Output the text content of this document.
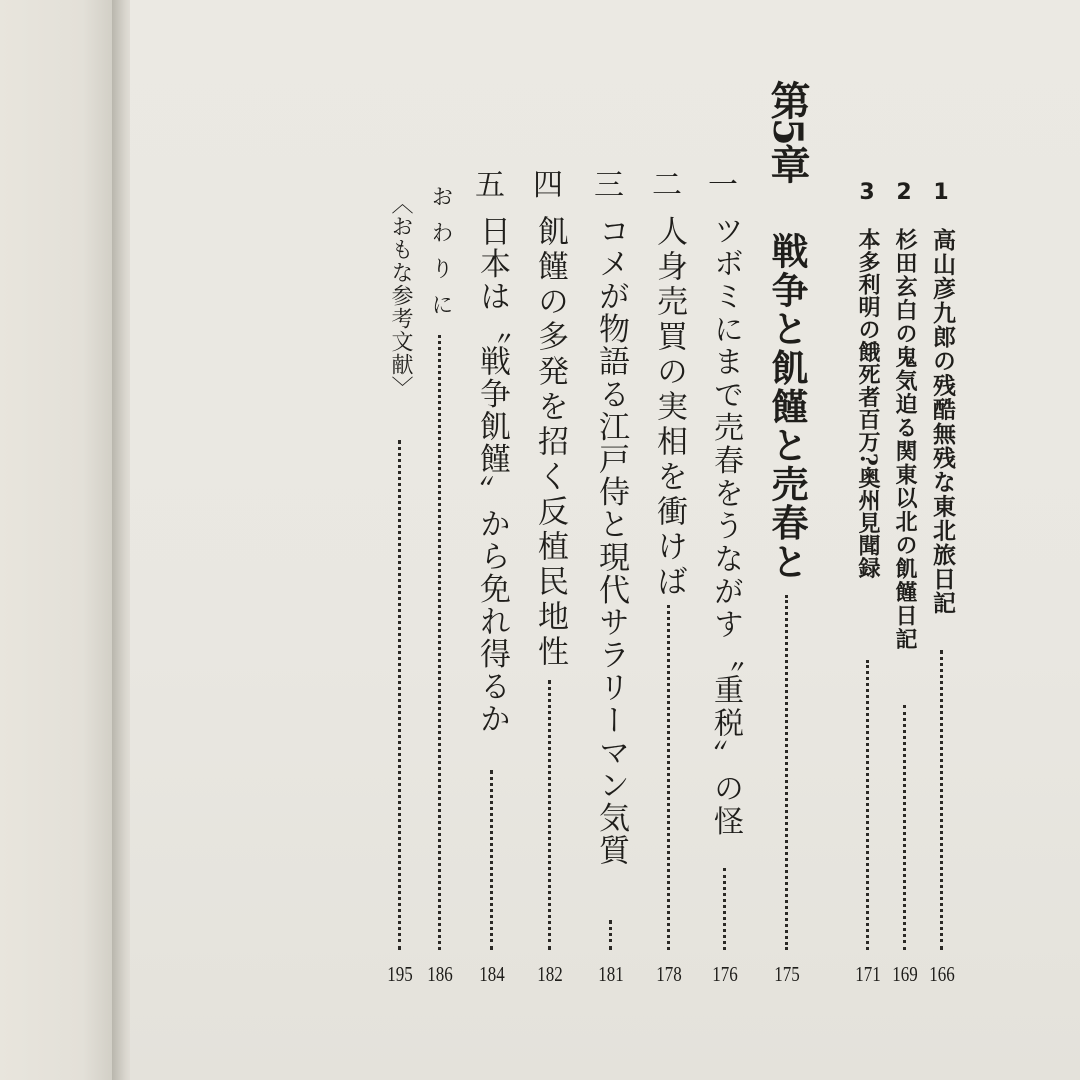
1
高山彦九郎の残酷無残な東北旅日記
166
2
杉田玄白の鬼気迫る関東以北の飢饉日記
169
3
本多利明の餓死者百万?奥州見聞録
171
第5章
戦争と飢饉と売春と
175
一
ツボミにまで売春をうながす〝重税〟の怪
176
二
人身売買の実相を衝けば
178
三
コメが物語る江戸侍と現代サラリーマン気質
181
四
飢饉の多発を招く反植民地性
182
五
日本は〝戦争飢饉〟から免れ得るか
184
おわりに
186
〈おもな参考文献〉
195
